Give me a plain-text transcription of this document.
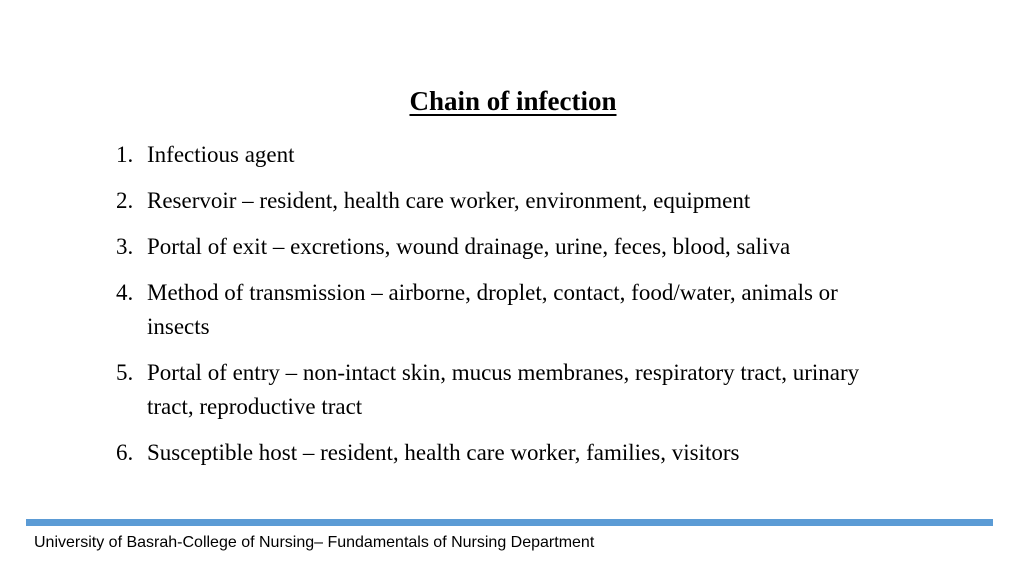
Chain of infection
1. Infectious agent
2. Reservoir – resident, health care worker, environment, equipment
3. Portal of exit – excretions, wound drainage, urine, feces, blood, saliva
4. Method of transmission – airborne, droplet, contact, food/water, animals or insects
5. Portal of entry – non-intact skin, mucus membranes, respiratory tract, urinary tract, reproductive tract
6. Susceptible host – resident, health care worker, families, visitors
University of Basrah-College of Nursing– Fundamentals of Nursing Department
